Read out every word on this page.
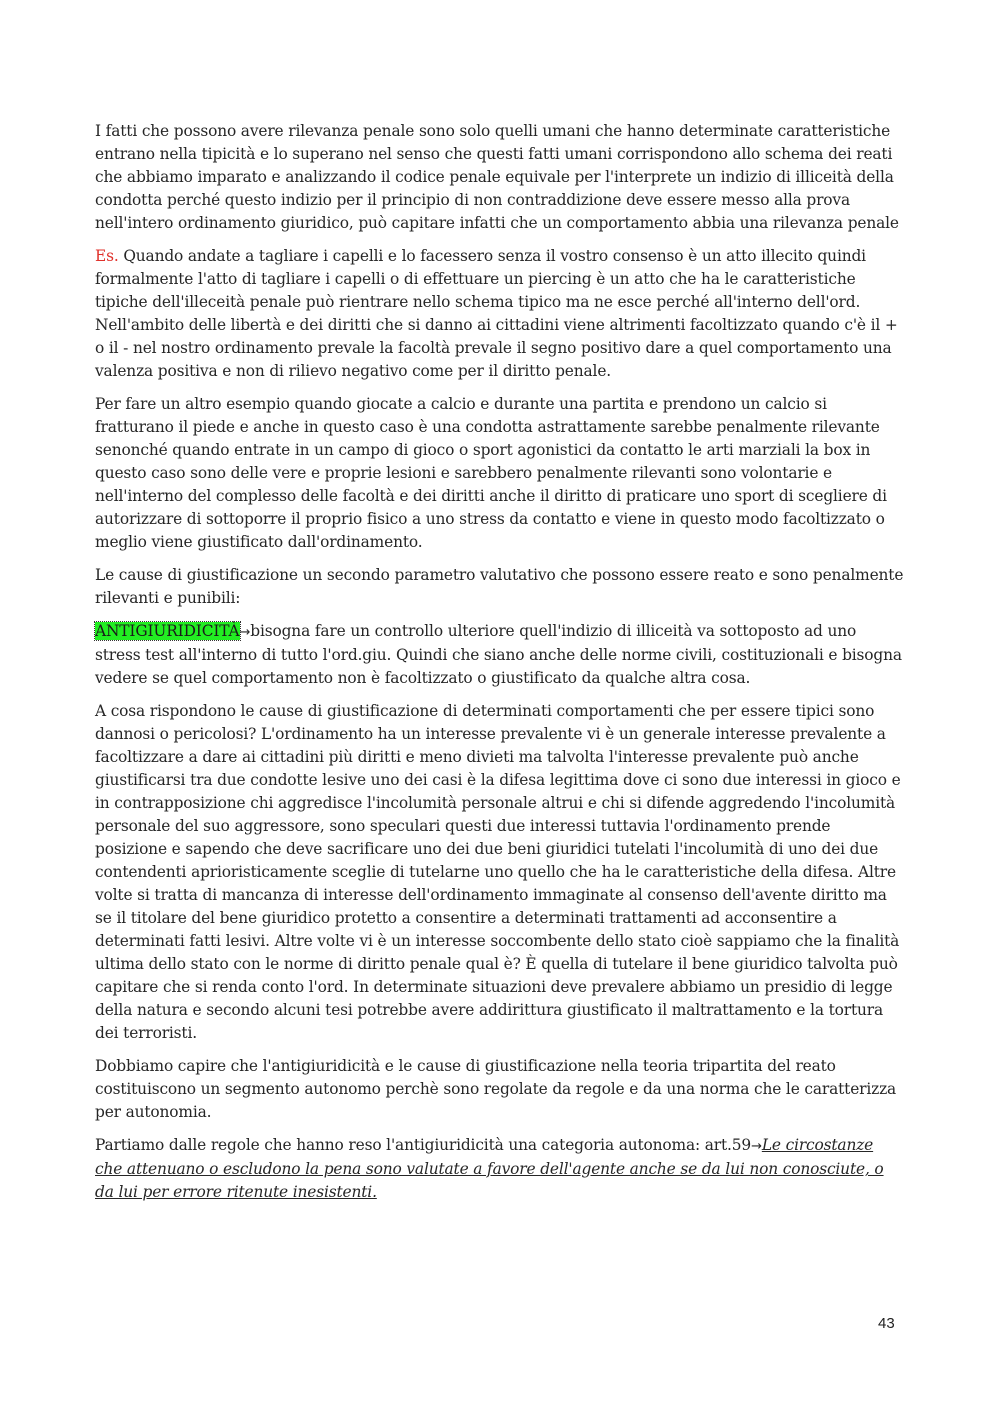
I fatti che possono avere rilevanza penale sono solo quelli umani che hanno determinate caratteristiche entrano nella tipicità e lo superano nel senso che questi fatti umani corrispondono allo schema dei reati che abbiamo imparato e analizzando il codice penale equivale per l'interprete un indizio di illiceità della condotta perché questo indizio per il principio di non contraddizione deve essere messo alla prova nell'intero ordinamento giuridico, può capitare infatti che un comportamento abbia una rilevanza penale

Es. Quando andate a tagliare i capelli e lo facessero senza il vostro consenso è un atto illecito quindi formalmente l'atto di tagliare i capelli o di effettuare un piercing è un atto che ha le caratteristiche tipiche dell'illeceità penale può rientrare nello schema tipico ma ne esce perché all'interno dell'ord. Nell'ambito delle libertà e dei diritti che si danno ai cittadini viene altrimenti facoltizzato quando c'è il + o il - nel nostro ordinamento prevale la facoltà prevale il segno positivo dare a quel comportamento una valenza positiva e non di rilievo negativo come per il diritto penale.

Per fare un altro esempio quando giocate a calcio e durante una partita e prendono un calcio si fratturano il piede e anche in questo caso è una condotta astrattamente sarebbe penalmente rilevante senonché quando entrate in un campo di gioco o sport agonistici da contatto le arti marziali la box in questo caso sono delle vere e proprie lesioni e sarebbero penalmente rilevanti sono volontarie e nell'interno del complesso delle facoltà e dei diritti anche il diritto di praticare uno sport di scegliere di autorizzare di sottoporre il proprio fisico a uno stress da contatto e viene in questo modo facoltizzato o meglio viene giustificato dall'ordinamento.

Le cause di giustificazione un secondo parametro valutativo che possono essere reato e sono penalmente rilevanti e punibili:

ANTIGIURIDICITÀ→bisogna fare un controllo ulteriore quell'indizio di illiceità va sottoposto ad uno stress test all'interno di tutto l'ord.giu. Quindi che siano anche delle norme civili, costituzionali e bisogna vedere se quel comportamento non è facoltizzato o giustificato da qualche altra cosa.

A cosa rispondono le cause di giustificazione di determinati comportamenti che per essere tipici sono dannosi o pericolosi? L'ordinamento ha un interesse prevalente vi è un generale interesse prevalente a facoltizzare a dare ai cittadini più diritti e meno divieti ma talvolta l'interesse prevalente può anche giustificarsi tra due condotte lesive uno dei casi è la difesa legittima dove ci sono due interessi in gioco e in contrapposizione chi aggredisce l'incolumità personale altrui e chi si difende aggredendo l'incolumità personale del suo aggressore, sono speculari questi due interessi tuttavia l'ordinamento prende posizione e sapendo che deve sacrificare uno dei due beni giuridici tutelati l'incolumità di uno dei due contendenti aprioristicamente sceglie di tutelarne uno quello che ha le caratteristiche della difesa. Altre volte si tratta di mancanza di interesse dell'ordinamento immaginate al consenso dell'avente diritto ma se il titolare del bene giuridico protetto a consentire a determinati trattamenti ad acconsentire a determinati fatti lesivi. Altre volte vi è un interesse soccombente dello stato cioè sappiamo che la finalità ultima dello stato con le norme di diritto penale qual è? È quella di tutelare il bene giuridico talvolta può capitare che si renda conto l'ord. In determinate situazioni deve prevalere abbiamo un presidio di legge della natura e secondo alcuni tesi potrebbe avere addirittura giustificato il maltrattamento e la tortura dei terroristi.

Dobbiamo capire che l'antigiuridicità e le cause di giustificazione nella teoria tripartita del reato costituiscono un segmento autonomo perchè sono regolate da regole e da una norma che le caratterizza per autonomia.

Partiamo dalle regole che hanno reso l'antigiuridicità una categoria autonoma: art.59→Le circostanze che attenuano o escludono la pena sono valutate a favore dell'agente anche se da lui non conosciute, o da lui per errore ritenute inesistenti.

43
